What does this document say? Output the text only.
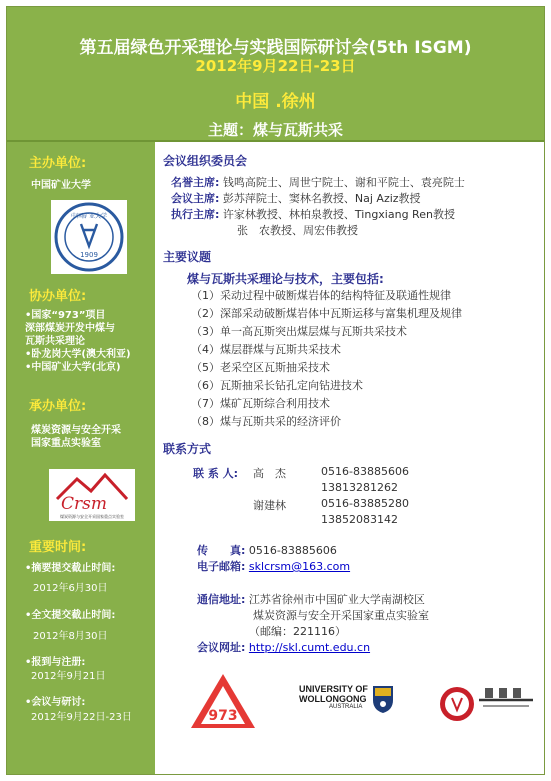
第五届绿色开采理论与实践国际研讨会(5th ISGM)
2012年9月22日-23日
中国 .徐州
主题：煤与瓦斯共采
主办单位:
中国矿业大学
中国矿业大学
1909
协办单位:
•国家“973”项目
深部煤炭开发中煤与
瓦斯共采理论
•卧龙岗大学(澳大利亚)
•中国矿业大学(北京)
承办单位:
煤炭资源与安全开采
国家重点实验室
Crsm
煤炭资源与安全开采国家重点实验室
重要时间:
•摘要提交截止时间:
2012年6月30日
•全文提交截止时间:
2012年8月30日
•报到与注册:
2012年9月21日
•会议与研讨:
2012年9月22日-23日
会议组织委员会
名誉主席: 钱鸣高院士、周世宁院士、谢和平院士、袁亮院士
会议主席: 彭苏萍院士、窦林名教授、Naj Aziz教授
执行主席: 许家林教授、林柏泉教授、Tingxiang Ren教授
张　农教授、周宏伟教授
主要议题
煤与瓦斯共采理论与技术，主要包括:
（1）采动过程中破断煤岩体的结构特征及联通性规律
（2）深部采动破断煤岩体中瓦斯运移与富集机理及规律
（3）单一高瓦斯突出煤层煤与瓦斯共采技术
（4）煤层群煤与瓦斯共采技术
（5）老采空区瓦斯抽采技术
（6）瓦斯抽采长钻孔定向钻进技术
（7）煤矿瓦斯综合利用技术
（8）煤与瓦斯共采的经济评价
联系方式
联 系 人: 高　杰	0516-83885606
13813281262
谢建林	0516-83885280
13852083142
传　　真: 0516-83885606
电子邮箱: sklcrsm@163.com
通信地址: 江苏省徐州市中国矿业大学南湖校区
煤炭资源与安全开采国家重点实验室
（邮编：221116）
会议网址: http://skl.cumt.edu.cn
973
UNIVERSITY OF
WOLLONGONG
AUSTRALIA
